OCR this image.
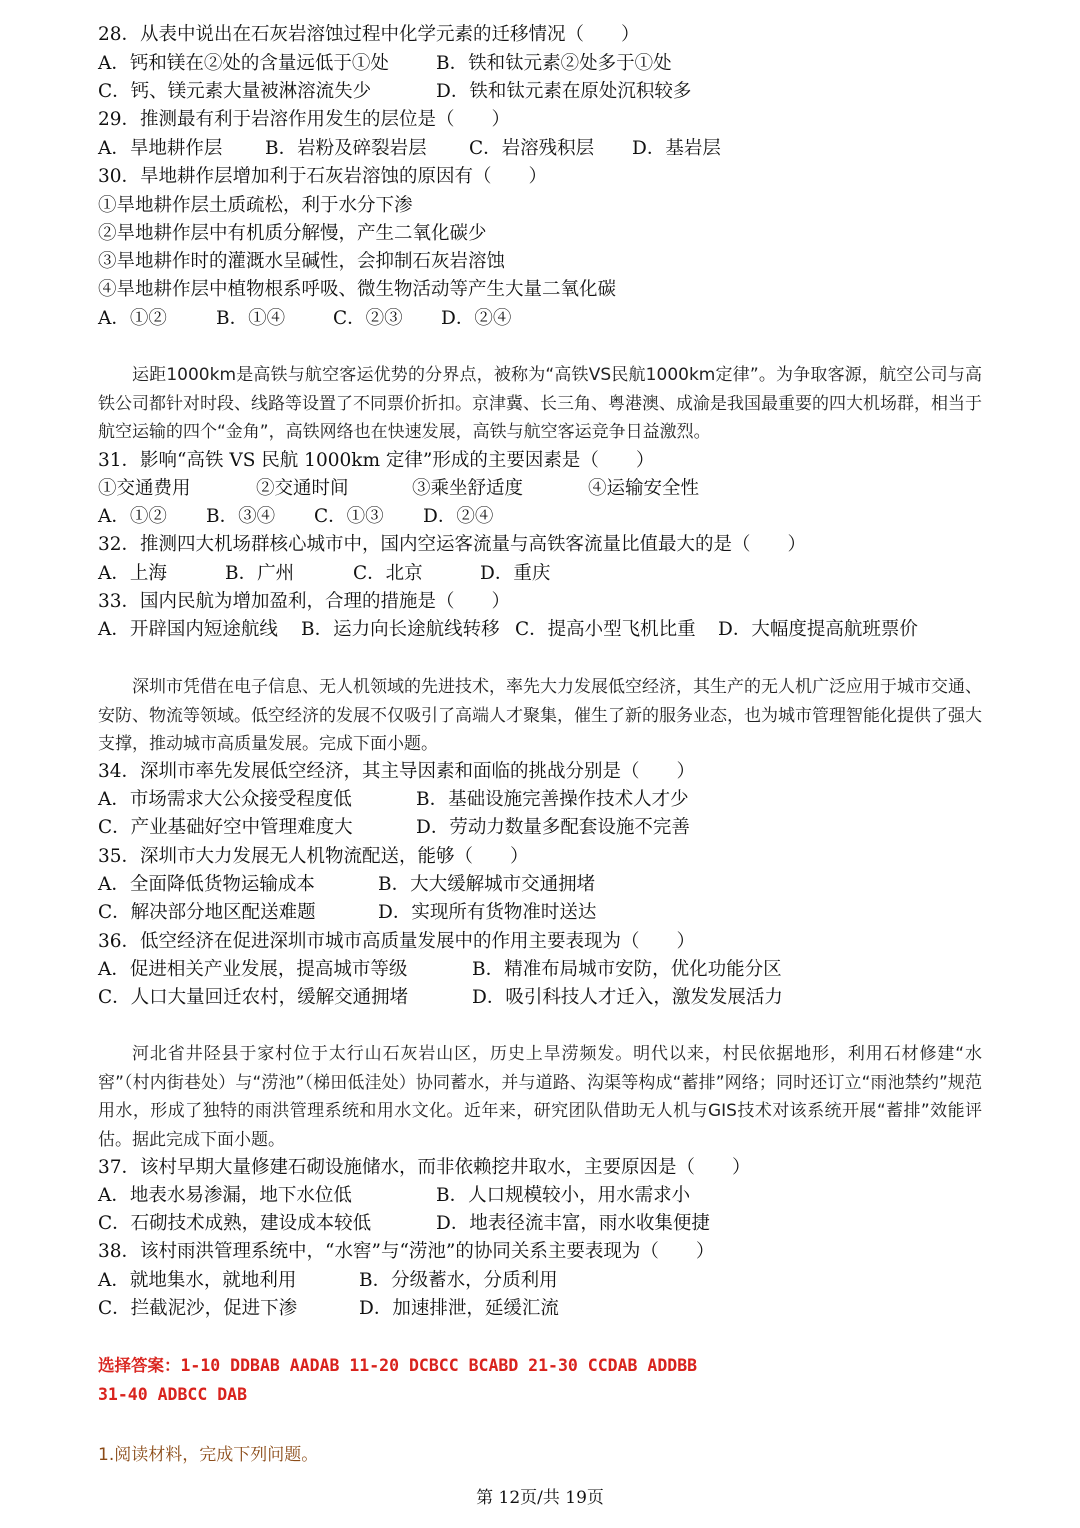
28．从表中说出在石灰岩溶蚀过程中化学元素的迁移情况（　　）
A．钙和镁在②处的含量远低于①处	B．铁和钛元素②处多于①处
C．钙、镁元素大量被淋溶流失少	D．铁和钛元素在原处沉积较多
29．推测最有利于岩溶作用发生的层位是（　　）
A．旱地耕作层 B．岩粉及碎裂岩层 C．岩溶残积层 D．基岩层
30．旱地耕作层增加利于石灰岩溶蚀的原因有（　　）
①旱地耕作层土质疏松，利于水分下渗
②旱地耕作层中有机质分解慢，产生二氧化碳少
③旱地耕作时的灌溉水呈碱性，会抑制石灰岩溶蚀
④旱地耕作层中植物根系呼吸、微生物活动等产生大量二氧化碳
A．①②	B．①④	C．②③ D．②④
运距1000km是高铁与航空客运优势的分界点，被称为“高铁VS民航1000km定律”。为争取客源，航空公司与高铁公司都针对时段、线路等设置了不同票价折扣。京津冀、长三角、粤港澳、成渝是我国最重要的四大机场群，相当于航空运输的四个“金角”，高铁网络也在快速发展，高铁与航空客运竞争日益激烈。
31．影响“高铁 VS 民航 1000km 定律”形成的主要因素是（　　）
①交通费用	②交通时间	③乘坐舒适度	④运输安全性
A．①② B．③④ C．①③ D．②④
32．推测四大机场群核心城市中，国内空运客流量与高铁客流量比值最大的是（　　）
A．上海	B．广州	C．北京	D．重庆
33．国内民航为增加盈利，合理的措施是（　　）
A．开辟国内短途航线 B．运力向长途航线转移 C．提高小型飞机比重 D．大幅度提高航班票价
深圳市凭借在电子信息、无人机领域的先进技术，率先大力发展低空经济，其生产的无人机广泛应用于城市交通、安防、物流等领域。低空经济的发展不仅吸引了高端人才聚集，催生了新的服务业态，也为城市管理智能化提供了强大支撑，推动城市高质量发展。完成下面小题。
34．深圳市率先发展低空经济，其主导因素和面临的挑战分别是（　　）
A．市场需求大公众接受程度低	B．基础设施完善操作技术人才少
C．产业基础好空中管理难度大	D．劳动力数量多配套设施不完善
35．深圳市大力发展无人机物流配送，能够（　　）
A．全面降低货物运输成本	B．大大缓解城市交通拥堵
C．解决部分地区配送难题	D．实现所有货物准时送达
36．低空经济在促进深圳市城市高质量发展中的作用主要表现为（　　）
A．促进相关产业发展，提高城市等级	B．精准布局城市安防，优化功能分区
C．人口大量回迁农村，缓解交通拥堵	D．吸引科技人才迁入，激发发展活力
河北省井陉县于家村位于太行山石灰岩山区，历史上旱涝频发。明代以来，村民依据地形，利用石材修建“水窖”（村内街巷处）与“涝池”（梯田低洼处）协同蓄水，并与道路、沟渠等构成“蓄排”网络；同时还订立“雨池禁约”规范用水，形成了独特的雨洪管理系统和用水文化。近年来，研究团队借助无人机与GIS技术对该系统开展“蓄排”效能评估。据此完成下面小题。
37．该村早期大量修建石砌设施储水，而非依赖挖井取水，主要原因是（　　）
A．地表水易渗漏，地下水位低	B．人口规模较小，用水需求小
C．石砌技术成熟，建设成本较低	D．地表径流丰富，雨水收集便捷
38．该村雨洪管理系统中，“水窖”与“涝池”的协同关系主要表现为（　　）
A．就地集水，就地利用	B．分级蓄水，分质利用
C．拦截泥沙，促进下渗	D．加速排泄，延缓汇流
选择答案：1-10 DDBAB AADAB 11-20 DCBCC BCABD 21-30 CCDAB ADDBB
31-40 ADBCC DAB
1.阅读材料，完成下列问题。
第 12页/共 19页
